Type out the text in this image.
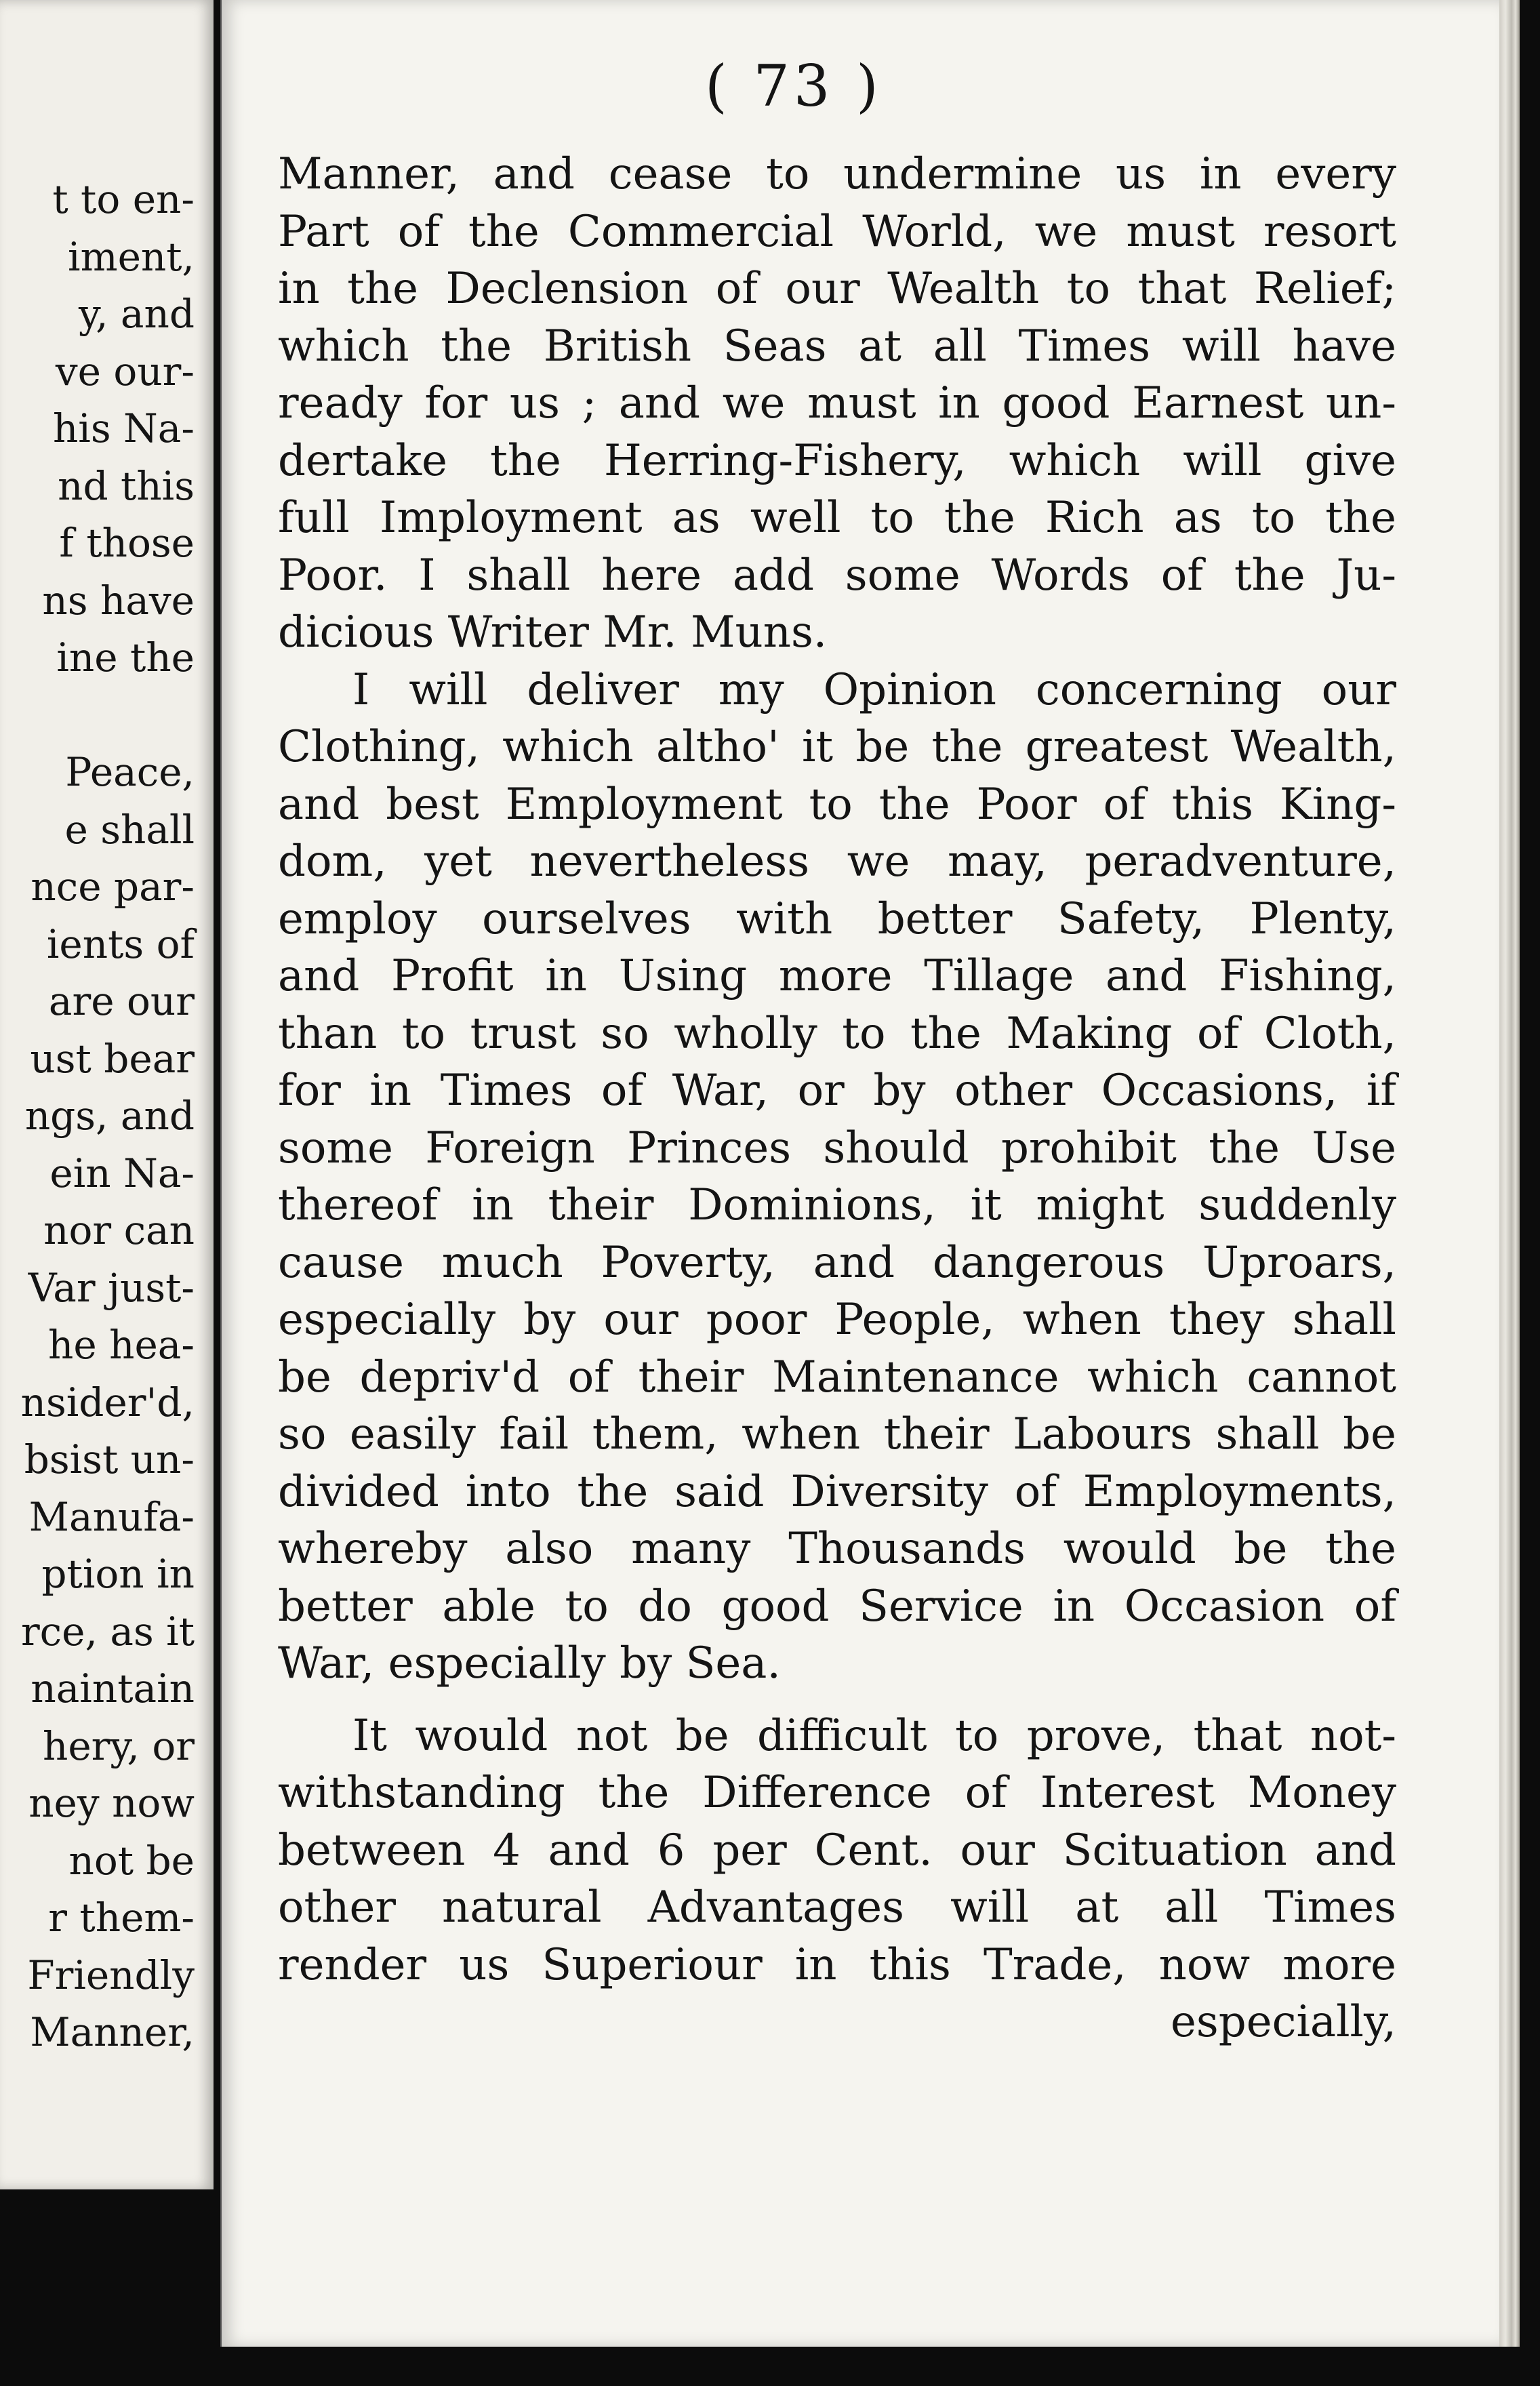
t to en-
iment,
y, and
ve our-
his Na-
nd this
f those
ns have
ine the

Peace,
e shall
nce par-
ients of
are our
ust bear
ngs, and
ein Na-
nor can
Var just-
he hea-
nsider'd,
bsist un-
Manufa-
ption in
rce, as it
naintain
hery, or
ney now
not be
r them-
Friendly
Manner,
( 73 )
Manner, and cease to undermine us in every
Part of the Commercial World, we must resort
in the Declension of our Wealth to that Relief;
which the British Seas at all Times will have
ready for us ; and we must in good Earnest un-
dertake the Herring-Fishery, which will give
full Imployment as well to the Rich as to the
Poor. I shall here add some Words of the Ju-
dicious Writer Mr. Muns.
I will deliver my Opinion concerning our
Clothing, which altho' it be the greatest Wealth,
and best Employment to the Poor of this King-
dom, yet nevertheless we may, peradventure,
employ ourselves with better Safety, Plenty,
and Profit in Using more Tillage and Fishing,
than to trust so wholly to the Making of Cloth,
for in Times of War, or by other Occasions, if
some Foreign Princes should prohibit the Use
thereof in their Dominions, it might suddenly
cause much Poverty, and dangerous Uproars,
especially by our poor People, when they shall
be depriv'd of their Maintenance which cannot
so easily fail them, when their Labours shall be
divided into the said Diversity of Employments,
whereby also many Thousands would be the
better able to do good Service in Occasion of
War, especially by Sea.
It would not be difficult to prove, that not-
withstanding the Difference of Interest Money
between 4 and 6 per Cent. our Scituation and
other natural Advantages will at all Times
render us Superiour in this Trade, now more
especially,
